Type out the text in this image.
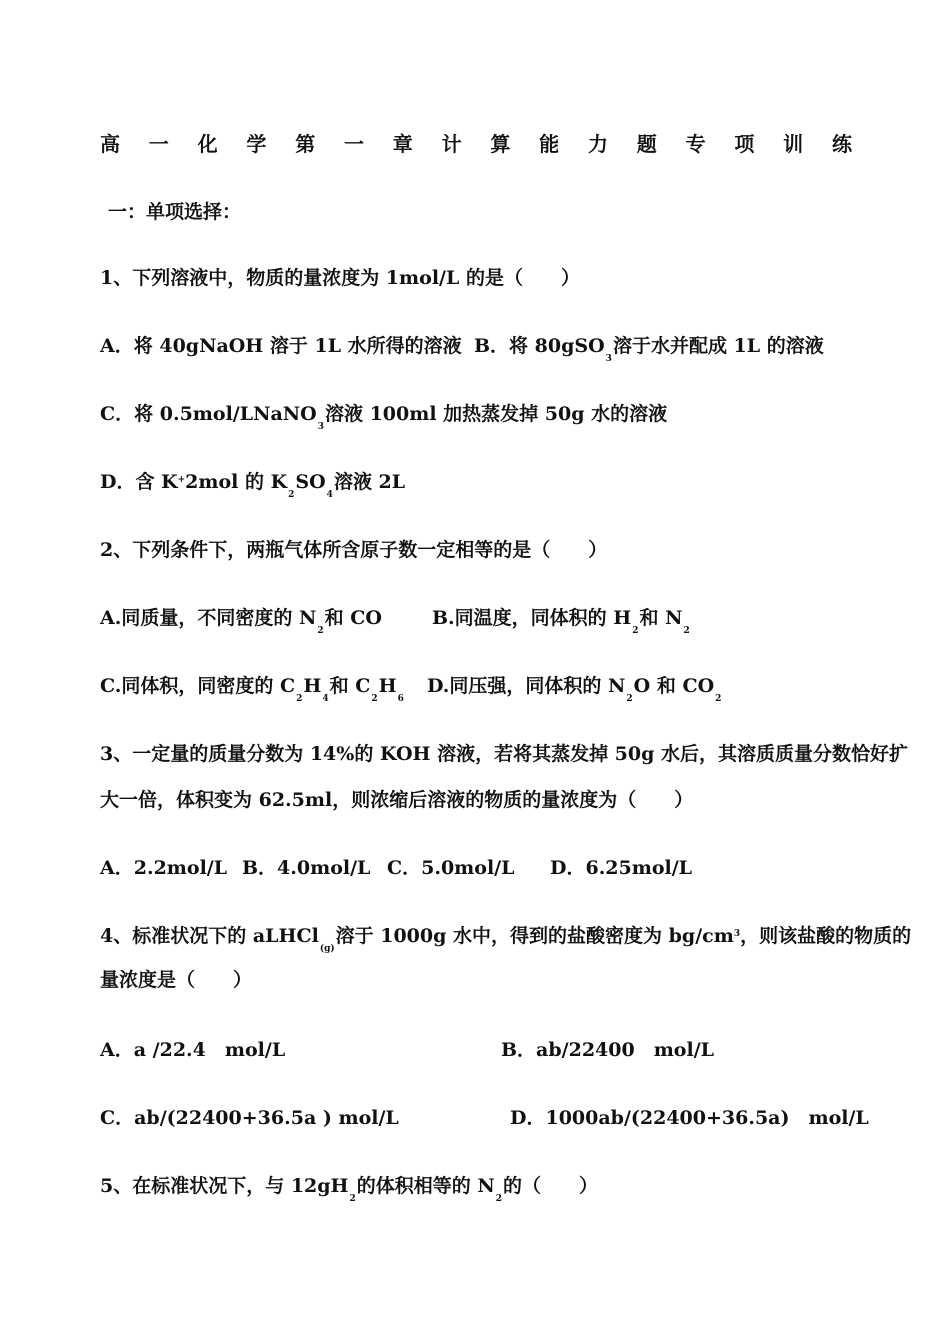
高 一 化 学 第 一 章 计 算 能 力 题 专 项 训 练
一：单项选择：
1、下列溶液中，物质的量浓度为 1mol/L 的是（　　）
A．将 40gNaOH 溶于 1L 水所得的溶液 B．将 80gSO$_3$溶于水并配成 1L 的溶液
C．将 0.5mol/LNaNO$_3$溶液 100ml 加热蒸发掉 50g 水的溶液
D．含 K+2mol 的 $K_2SO_4$溶液 2L
2、下列条件下，两瓶气体所含原子数一定相等的是（　　）
A.同质量，不同密度的 $N_2$和 CO	B.同温度，同体积的 $H_2$和 $N_2$
C.同体积，同密度的 $C_2H_4$和 $C_2H_6$
D.同压强，同体积的 $N_2O$ 和 $CO_2$
3、一定量的质量分数为 14%的 KOH 溶液，若将其蒸发掉 50g 水后，其溶质质量分数恰好扩
大一倍，体积变为 62.5ml，则浓缩后溶液的物质的量浓度为（　　）
A．2.2mol/L B．4.0mol/L C．5.0mol/L D．6.25mol/L
4、标准状况下的 aLHCl$_{(g)}$溶于 1000g 水中，得到的盐酸密度为 $bg/cm^3$，则该盐酸的物质的
量浓度是（　　）
A．a /22.4　mol/L	B．ab/22400　mol/L
C．ab/(22400+36.5a ) mol/L	D．1000ab/(22400+36.5a)　mol/L
5、在标准状况下，与 $12gH_2$的体积相等的 $N_2$的（　　）
